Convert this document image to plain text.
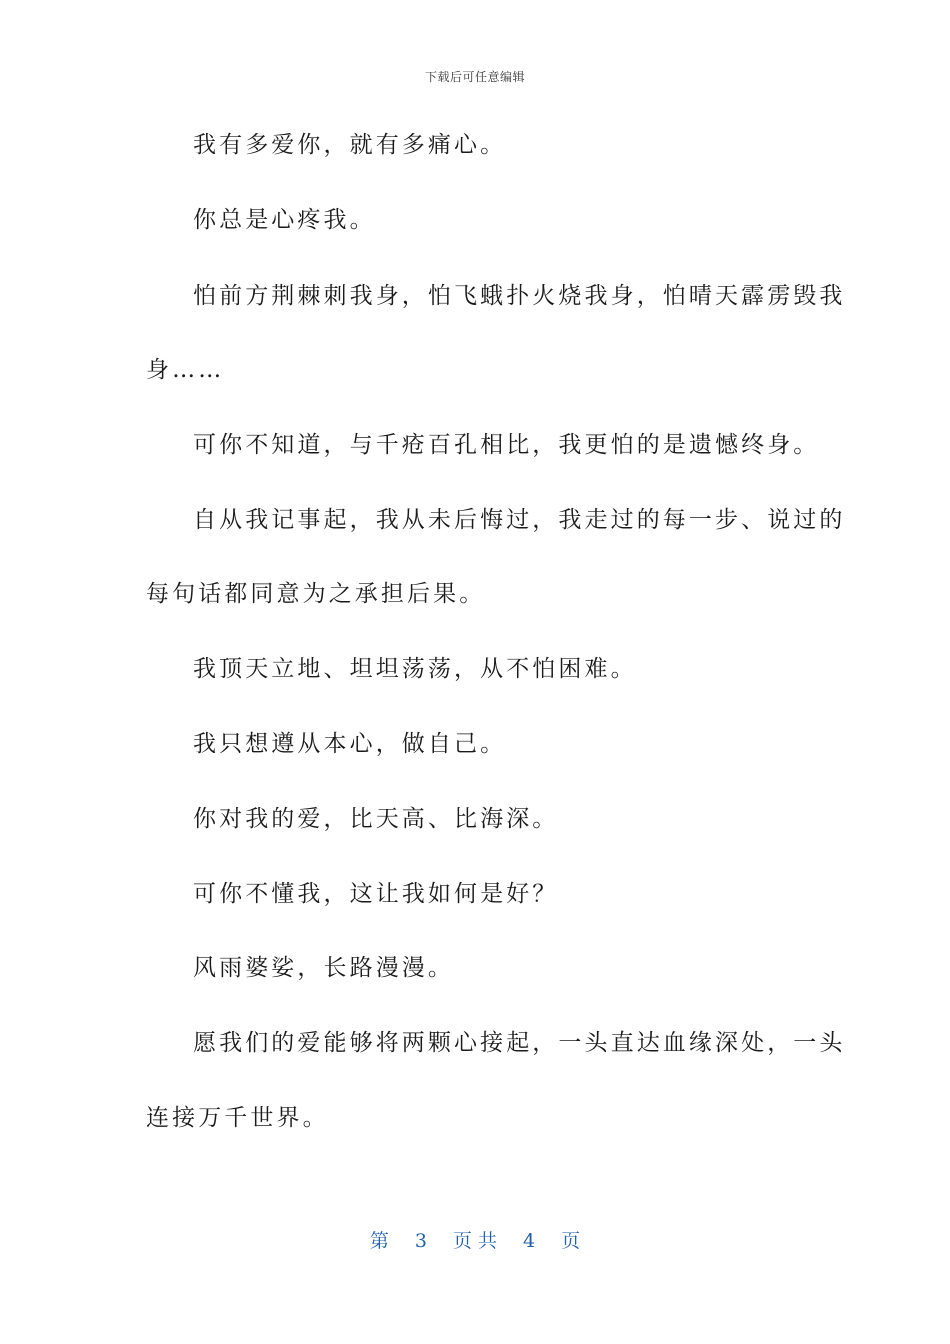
下载后可任意编辑
我有多爱你，就有多痛心。
你总是心疼我。
怕前方荆棘刺我身，怕飞蛾扑火烧我身，怕晴天霹雳毁我
身……
可你不知道，与千疮百孔相比，我更怕的是遗憾终身。
自从我记事起，我从未后悔过，我走过的每一步、说过的
每句话都同意为之承担后果。
我顶天立地、坦坦荡荡，从不怕困难。
我只想遵从本心，做自己。
你对我的爱，比天高、比海深。
可你不懂我，这让我如何是好？
风雨婆娑，长路漫漫。
愿我们的爱能够将两颗心接起，一头直达血缘深处，一头
连接万千世界。
第 3 页 共 4 页
